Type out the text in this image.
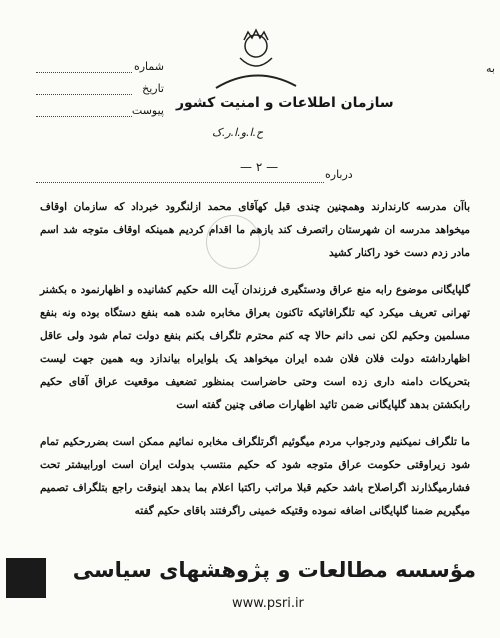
به
شماره
تاریخ
پیوست سازمان اطلاعات و امنیت کشور
ح.ا.و.ا.ر.ک
— ۲ —
درباره

باآن مدرسه کارندارند وهمچنین چندی قبل کهآقای محمد ازلنگرود خبرداد که سازمان اوقاف میخواهد مدرسه ان شهرستان راتصرف کند بازهم ما اقدام کردیم همینکه اوقاف متوجه شد اسم مادر زدم دست خود راکنار کشید

گلپایگانی موضوع رابه منع عراق ودستگیری فرزندان آیت الله حکیم کشانیده و اظهارنمود ه بکشنر تهرانی تعریف میکرد کیه تلگرافاتیکه تاکنون بعراق مخابره شده همه بنفع دستگاه بوده ونه بنفع مسلمین وحکیم لکن نمی دانم حالا چه کنم محترم تلگراف بکنم بنفع دولت تمام شود ولی عاقل اظهارداشته دولت فلان فلان شده ایران میخواهد یک بلوایراه بیاندازد وبه همین جهت لیست بتحریکات دامنه داری زده است وحتی حاضراست بمنظور تضعیف موقعیت عراق آقای حکیم رابکشتن بدهد گلپایگانی ضمن تائید اظهارات صافی چنین گفته است

ما تلگراف نمیکنیم ودرجواب مردم میگوئیم اگرتلگراف مخابره نمائیم ممکن است بضررحکیم تمام شود زیراوقتی حکومت عراق متوجه شود که حکیم منتسب بدولت ایران است اورابیشتر تحت فشارمیگذارند اگراصلاح باشد حکیم قبلا مراتب راکتبا اعلام بما بدهد اینوقت راجع بتلگراف تصمیم میگیریم ضمنا گلپایگانی اضافه نموده وقتیکه خمینی راگرفتند باقای حکیم گفته

مؤسسه مطالعات و پژوهشهای سیاسی
www.psri.ir
